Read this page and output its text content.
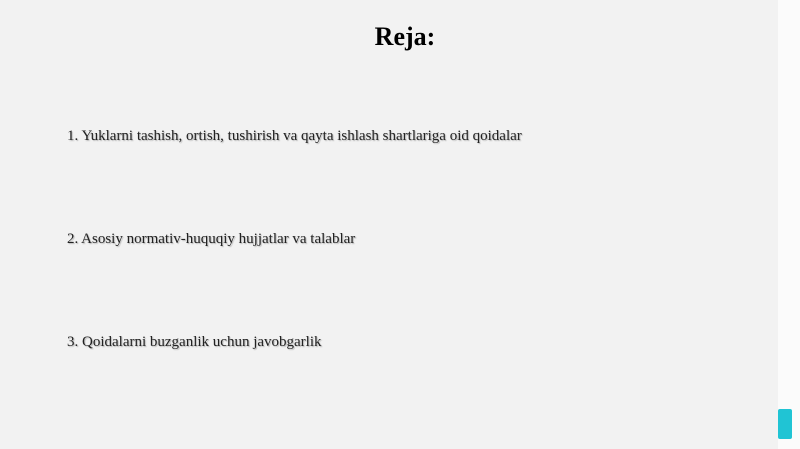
Reja:

1. Yuklarni tashish, ortish, tushirish va qayta ishlash shartlariga oid qoidalar

2. Asosiy normativ-huquqiy hujjatlar va talablar

3. Qoidalarni buzganlik uchun javobgarlik
